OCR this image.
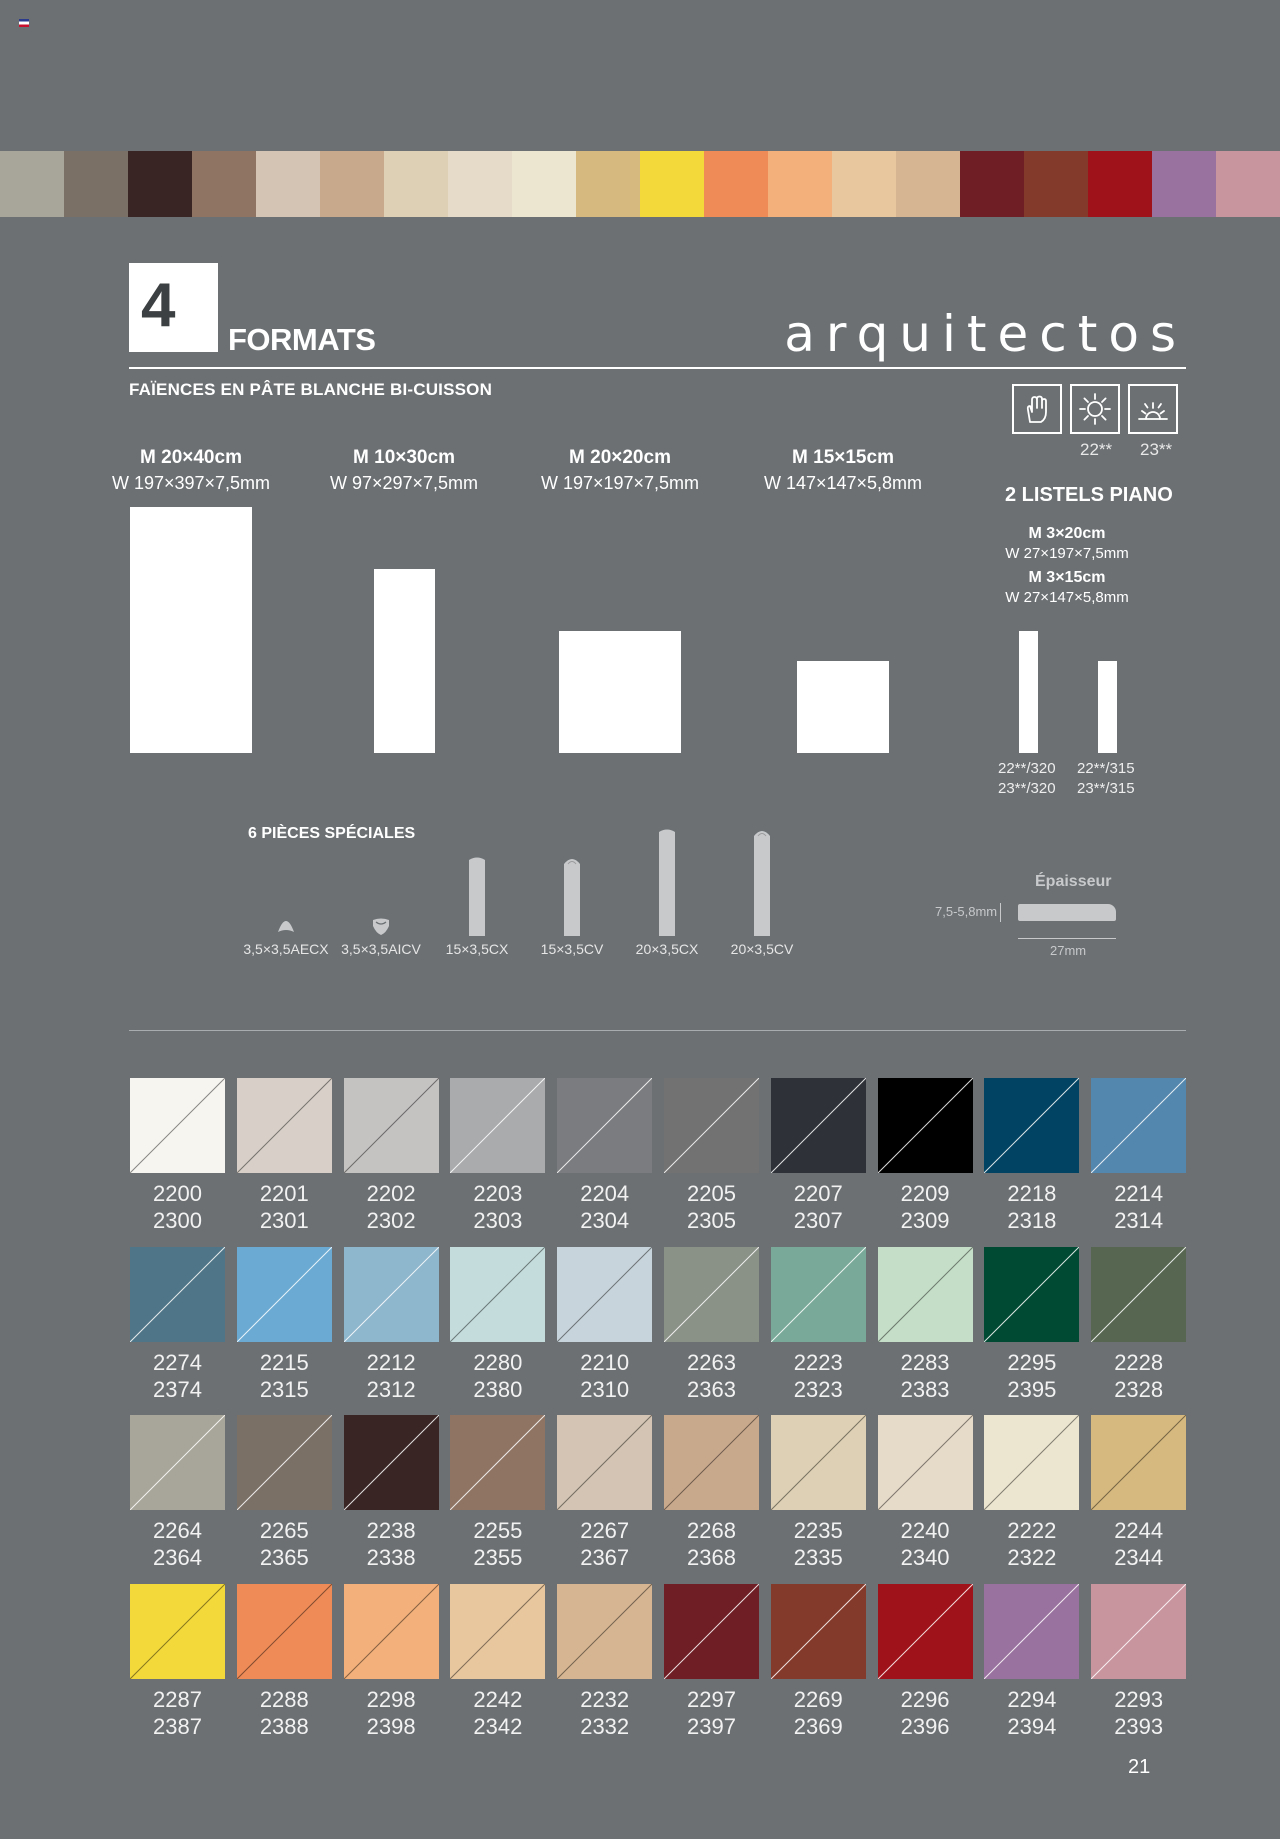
4	FORMATS	arquitectos
FAÏENCES EN PÂTE BLANCHE BI-CUISSON
22** 23**
M 20×40cm
W 197×397×7,5mm
M 10×30cm
W 97×297×7,5mm
M 20×20cm
W 197×197×7,5mm
M 15×15cm
W 147×147×5,8mm
2 LISTELS PIANO
M 3×20cm
W 27×197×7,5mm
M 3×15cm
W 27×147×5,8mm
22**/320
23**/320
22**/315
23**/315
6 PIÈCES SPÉCIALES
3,5×3,5AECX 3,5×3,5AICV	15×3,5CX	15×3,5CV	20×3,5CX	20×3,5CV
Épaisseur
7,5-5,8mm
27mm
2200
2300
2201
2301
2202
2302
2203
2303
2204
2304
2205
2305
2207
2307
2209
2309
2218
2318
2214
2314
2274
2374
2215
2315
2212
2312
2280
2380
2210
2310
2263
2363
2223
2323
2283
2383
2295
2395
2228
2328
2264
2364
2265
2365
2238
2338
2255
2355
2267
2367
2268
2368
2235
2335
2240
2340
2222
2322
2244
2344
2287
2387
2288
2388
2298
2398
2242
2342
2232
2332
2297
2397
2269
2369
2296
2396
2294
2394
2293
2393
21
